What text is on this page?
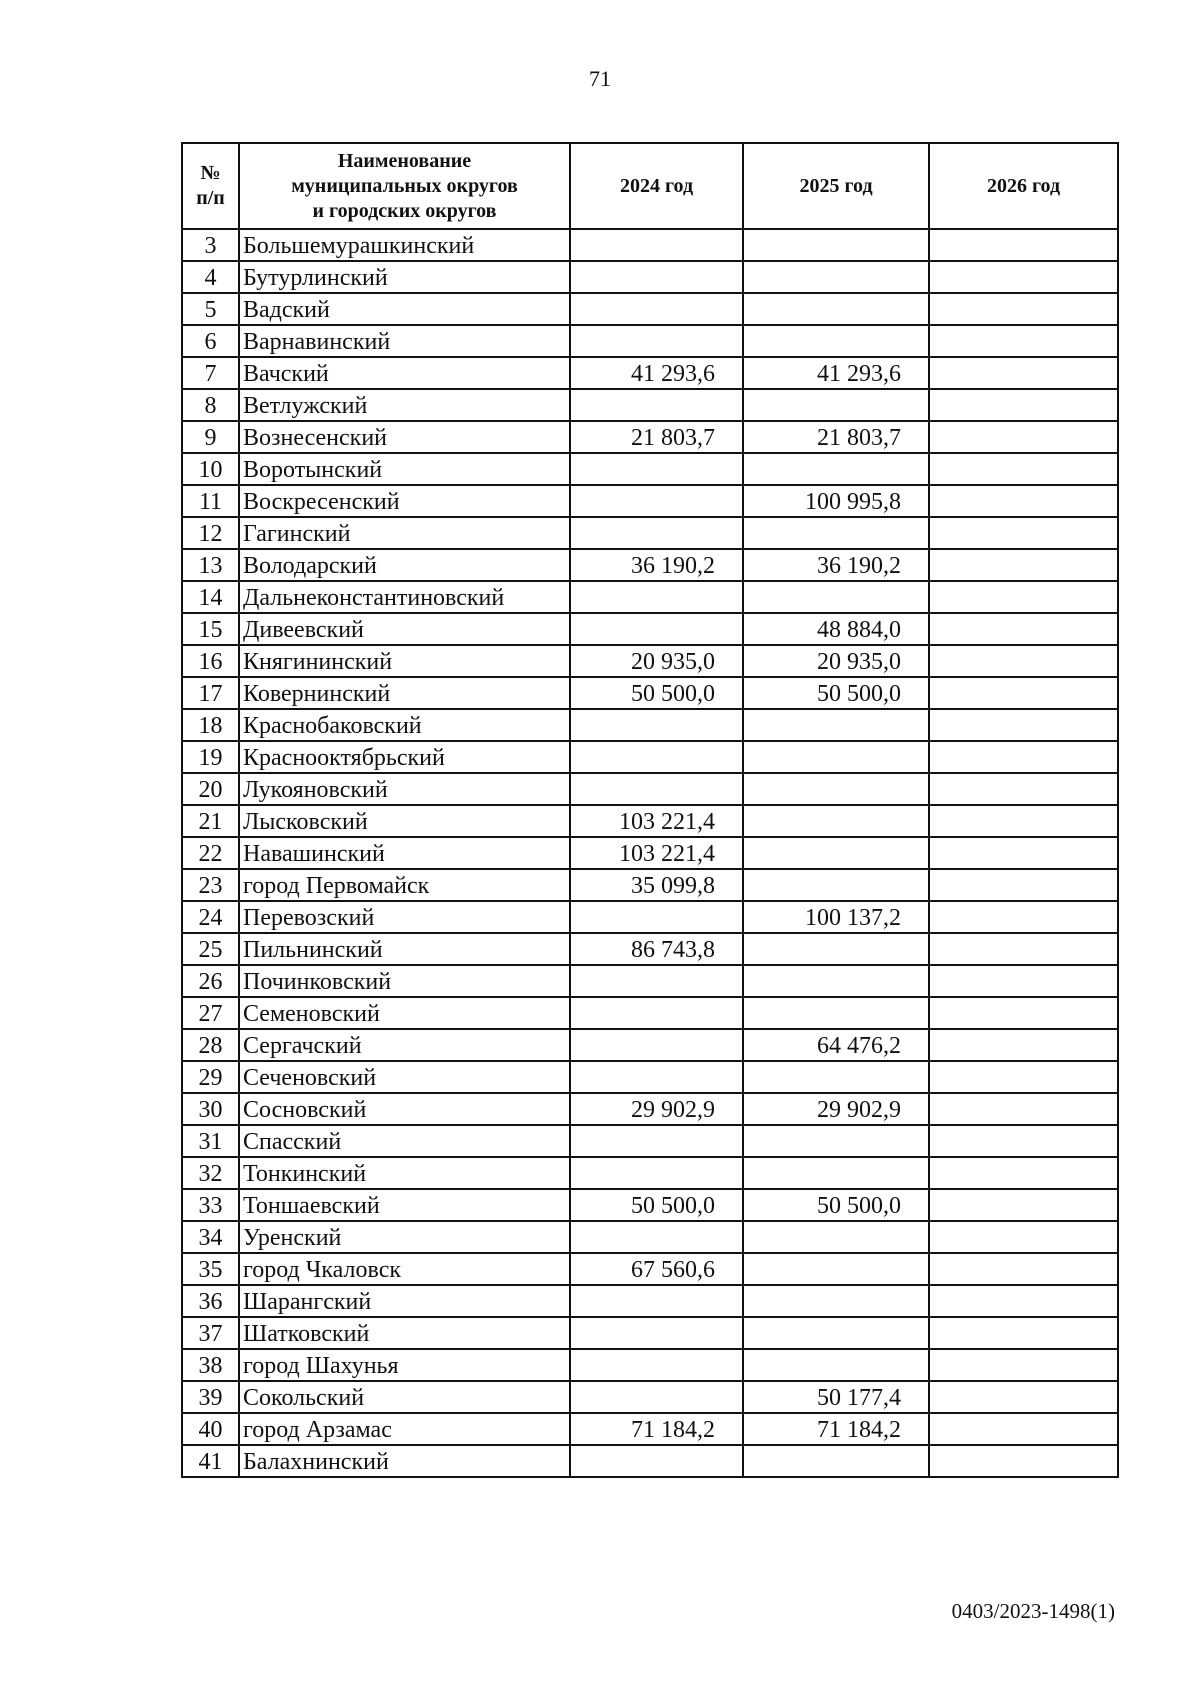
71
№
п/п	Наименование
муниципальных округов
и городских округов	2024 год	2025 год	2026 год
3	Большемурашкинский			
4	Бутурлинский			
5	Вадский			
6	Варнавинский			
7	Вачский	41 293,6	41 293,6	
8	Ветлужский			
9	Вознесенский	21 803,7	21 803,7	
10	Воротынский			
11	Воскресенский		100 995,8	
12	Гагинский			
13	Володарский	36 190,2	36 190,2	
14	Дальнеконстантиновский			
15	Дивеевский		48 884,0	
16	Княгининский	20 935,0	20 935,0	
17	Ковернинский	50 500,0	50 500,0	
18	Краснобаковский			
19	Краснооктябрьский			
20	Лукояновский			
21	Лысковский	103 221,4		
22	Навашинский	103 221,4		
23	город Первомайск	35 099,8		
24	Перевозский		100 137,2	
25	Пильнинский	86 743,8		
26	Починковский			
27	Семеновский			
28	Сергачский		64 476,2	
29	Сеченовский			
30	Сосновский	29 902,9	29 902,9	
31	Спасский			
32	Тонкинский			
33	Тоншаевский	50 500,0	50 500,0	
34	Уренский			
35	город Чкаловск	67 560,6		
36	Шарангский			
37	Шатковский			
38	город Шахунья			
39	Сокольский		50 177,4	
40	город Арзамас	71 184,2	71 184,2	
41	Балахнинский			
0403/2023-1498(1)
